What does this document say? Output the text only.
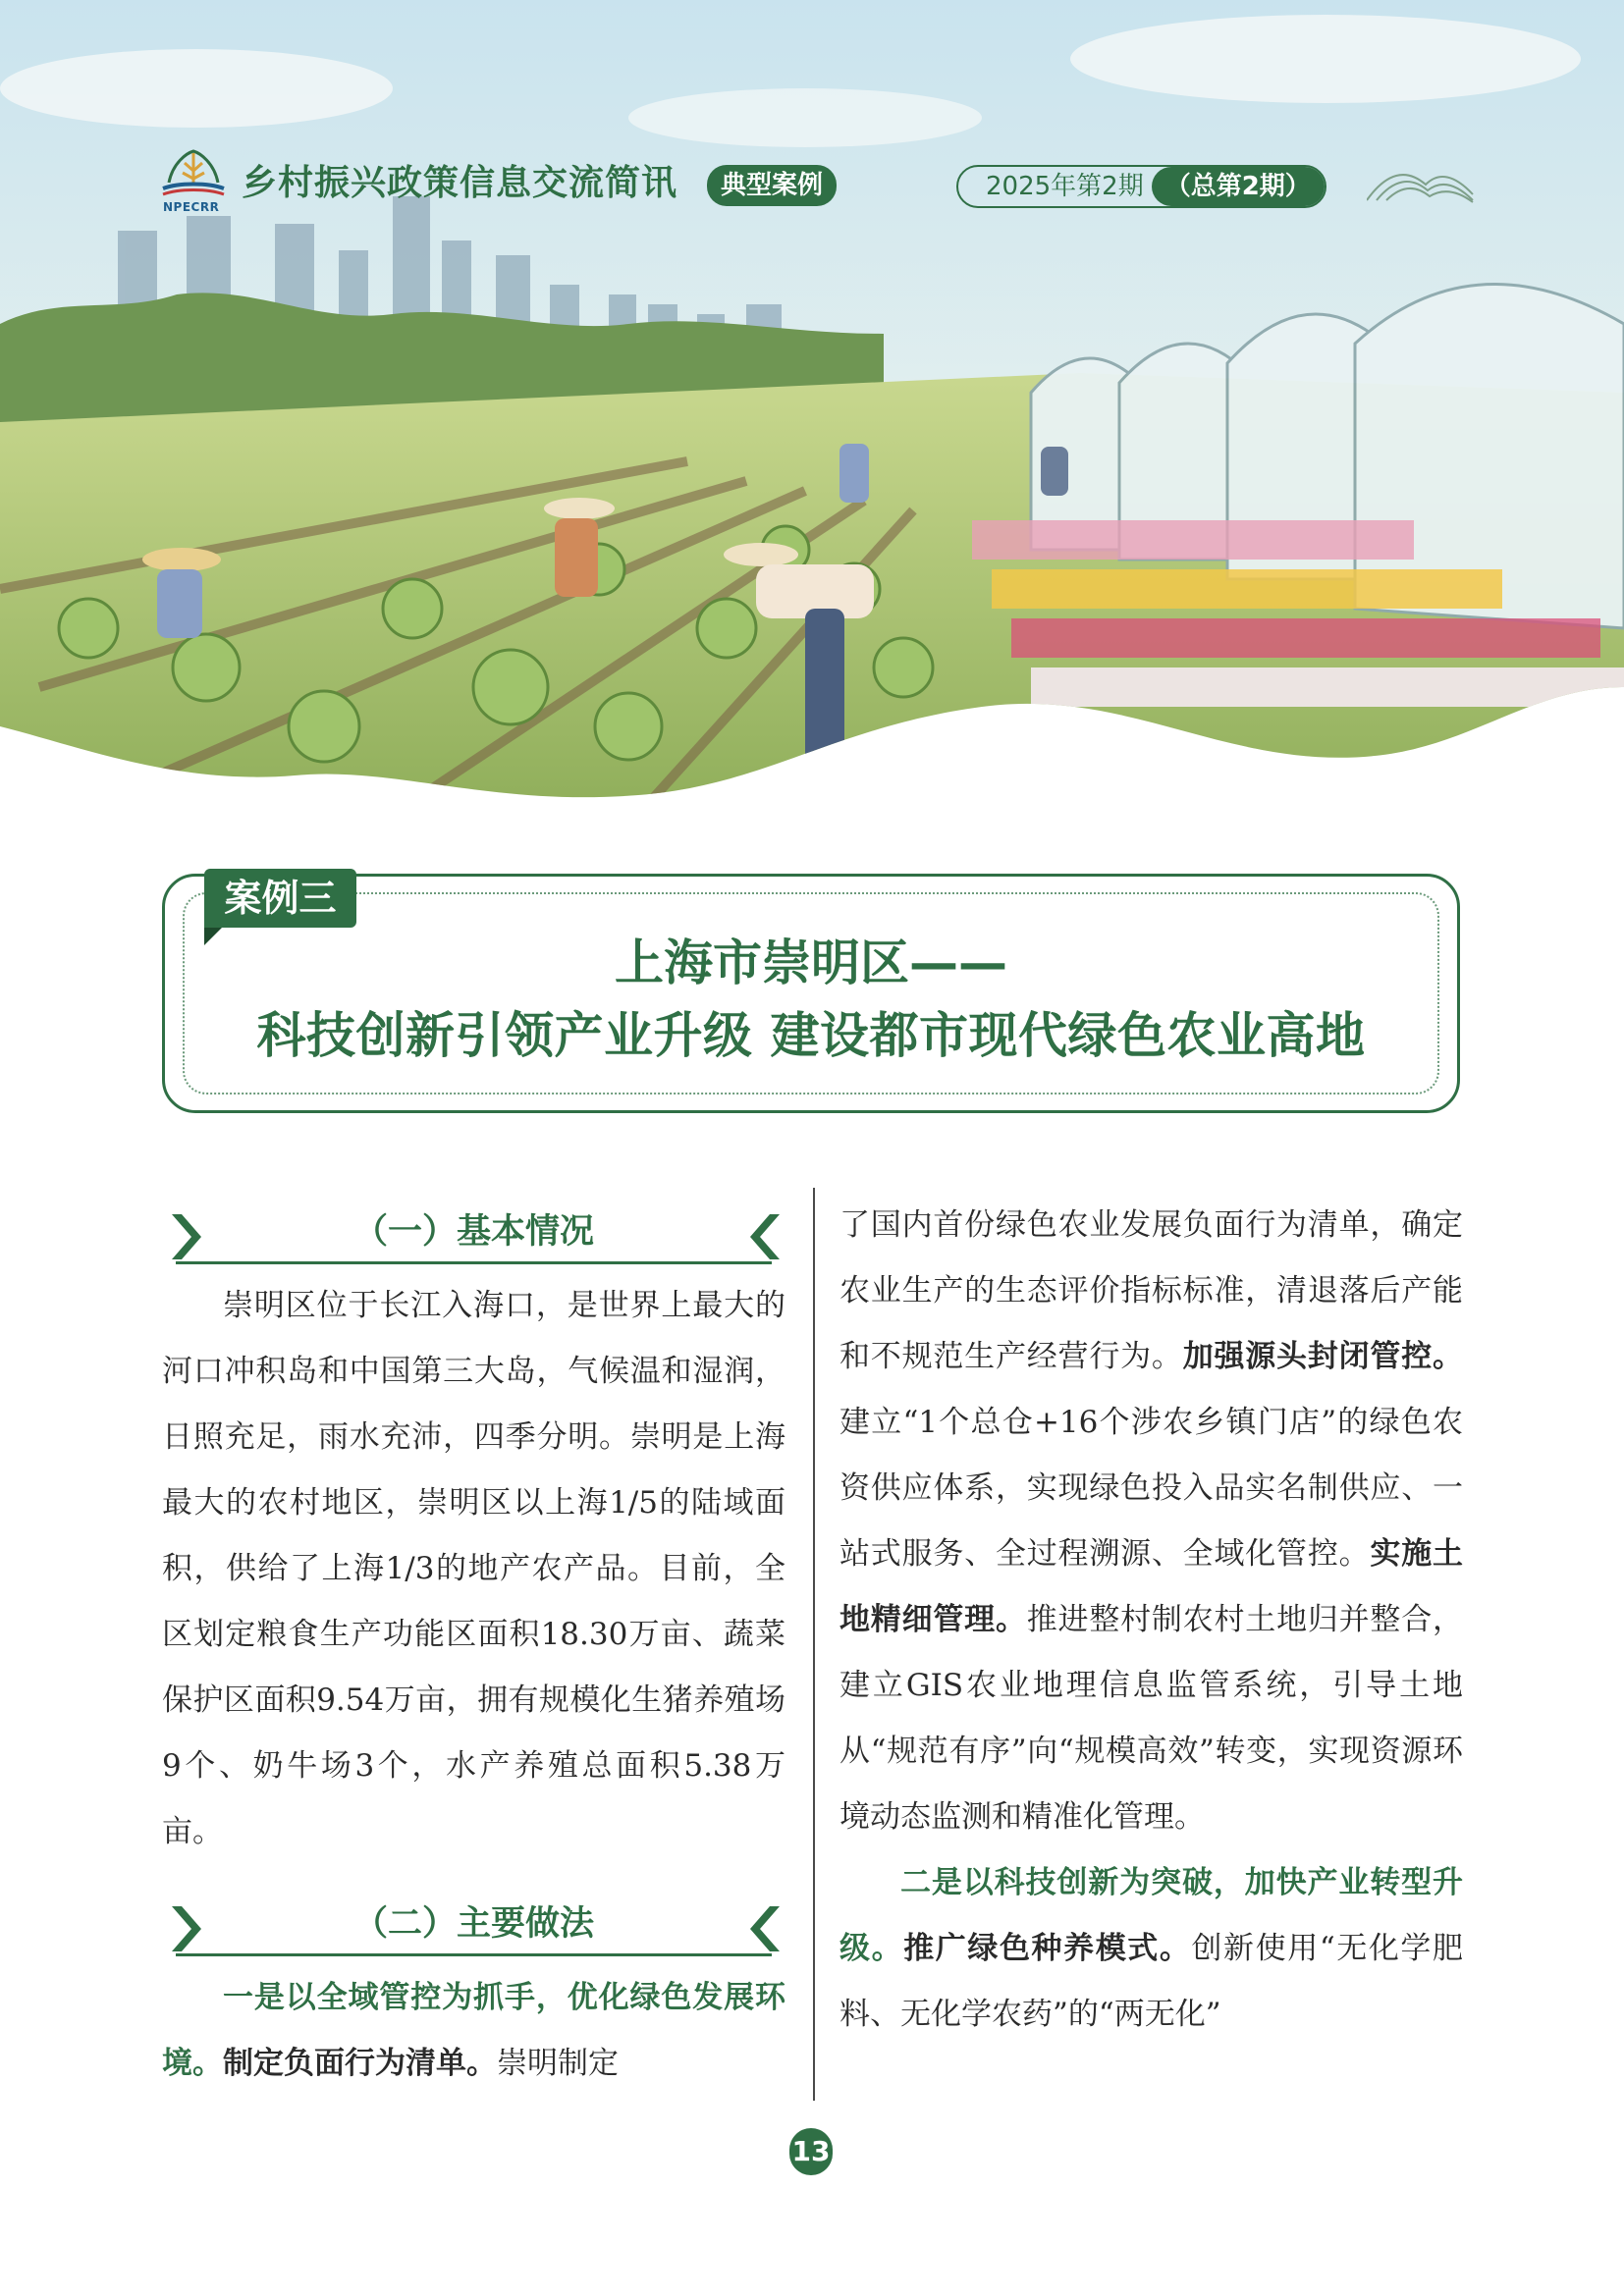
NPECRR
乡村振兴政策信息交流简讯	典型案例	2025年第2期 （总第2期）
案例三
上海市崇明区——
科技创新引领产业升级 建设都市现代绿色农业高地
（一）基本情况

崇明区位于长江入海口，是世界上最大的河口冲积岛和中国第三大岛，气候温和湿润，日照充足，雨水充沛，四季分明。崇明是上海最大的农村地区，崇明区以上海1/5的陆域面积，供给了上海1/3的地产农产品。目前，全区划定粮食生产功能区面积18.30万亩、蔬菜保护区面积9.54万亩，拥有规模化生猪养殖场9个、奶牛场3个，水产养殖总面积5.38万亩。

（二）主要做法

一是以全域管控为抓手，优化绿色发展环境。制定负面行为清单。崇明制定

了国内首份绿色农业发展负面行为清单，确定农业生产的生态评价指标标准，清退落后产能和不规范生产经营行为。加强源头封闭管控。建立“1个总仓+16个涉农乡镇门店”的绿色农资供应体系，实现绿色投入品实名制供应、一站式服务、全过程溯源、全域化管控。实施土地精细管理。推进整村制农村土地归并整合，建立GIS农业地理信息监管系统，引导土地从“规范有序”向“规模高效”转变，实现资源环境动态监测和精准化管理。

二是以科技创新为突破，加快产业转型升级。推广绿色种养模式。创新使用“无化学肥料、无化学农药”的“两无化”

13
